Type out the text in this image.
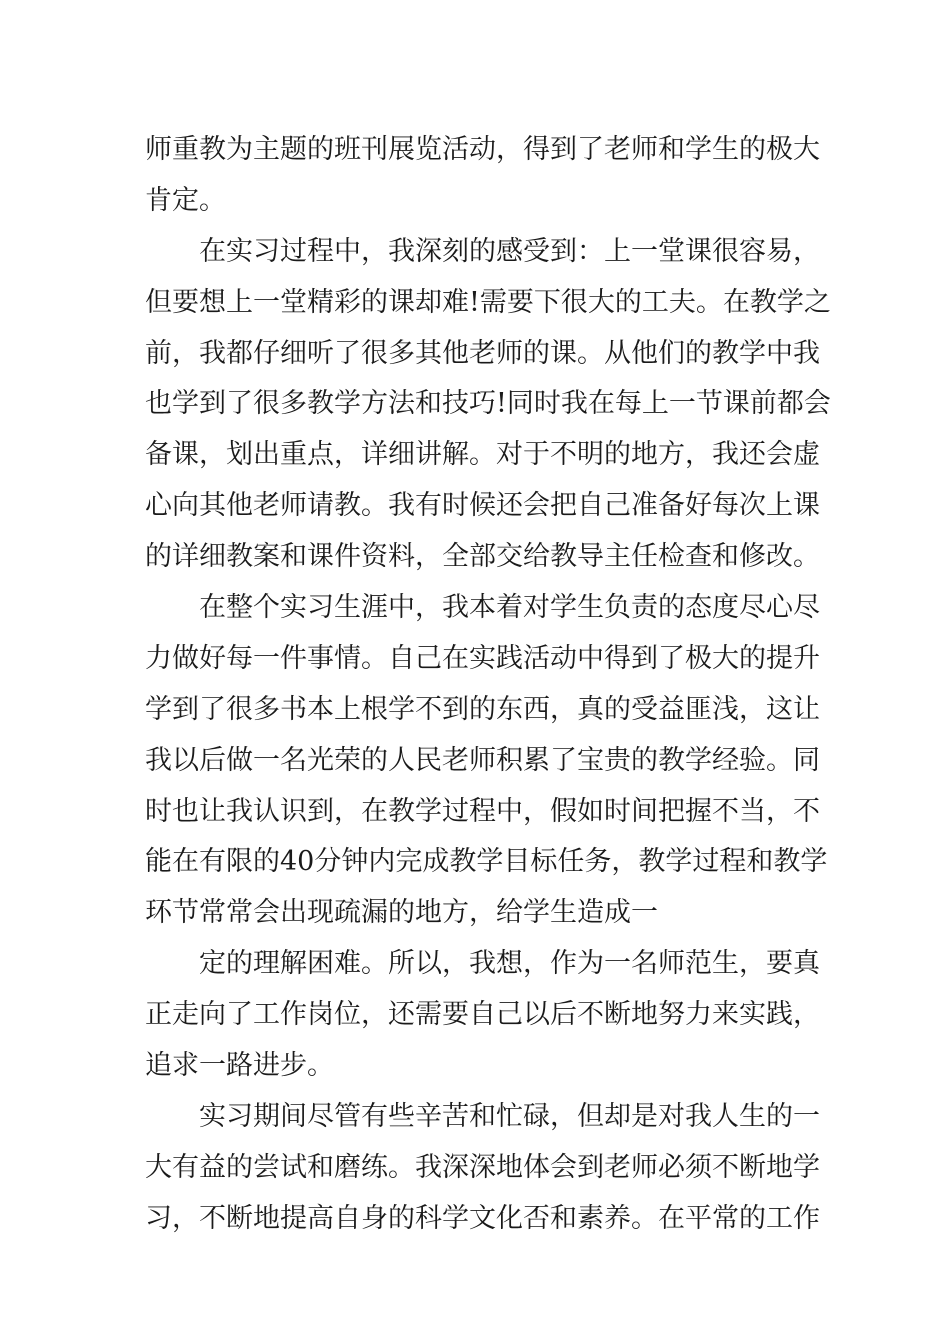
师重教为主题的班刊展览活动，得到了老师和学生的极大
肯定。
在实习过程中，我深刻的感受到：上一堂课很容易，
但要想上一堂精彩的课却难!需要下很大的工夫。在教学之
前，我都仔细听了很多其他老师的课。从他们的教学中我
也学到了很多教学方法和技巧!同时我在每上一节课前都会
备课，划出重点，详细讲解。对于不明的地方，我还会虚
心向其他老师请教。我有时候还会把自己准备好每次上课
的详细教案和课件资料，全部交给教导主任检查和修改。
在整个实习生涯中，我本着对学生负责的态度尽心尽
力做好每一件事情。自己在实践活动中得到了极大的提升
学到了很多书本上根学不到的东西，真的受益匪浅，这让
我以后做一名光荣的人民老师积累了宝贵的教学经验。同
时也让我认识到，在教学过程中，假如时间把握不当，不
能在有限的40分钟内完成教学目标任务，教学过程和教学
环节常常会出现疏漏的地方，给学生造成一
定的理解困难。所以，我想，作为一名师范生，要真
正走向了工作岗位，还需要自己以后不断地努力来实践，
追求一路进步。
实习期间尽管有些辛苦和忙碌，但却是对我人生的一
大有益的尝试和磨练。我深深地体会到老师必须不断地学
习，不断地提高自身的科学文化否和素养。在平常的工作
